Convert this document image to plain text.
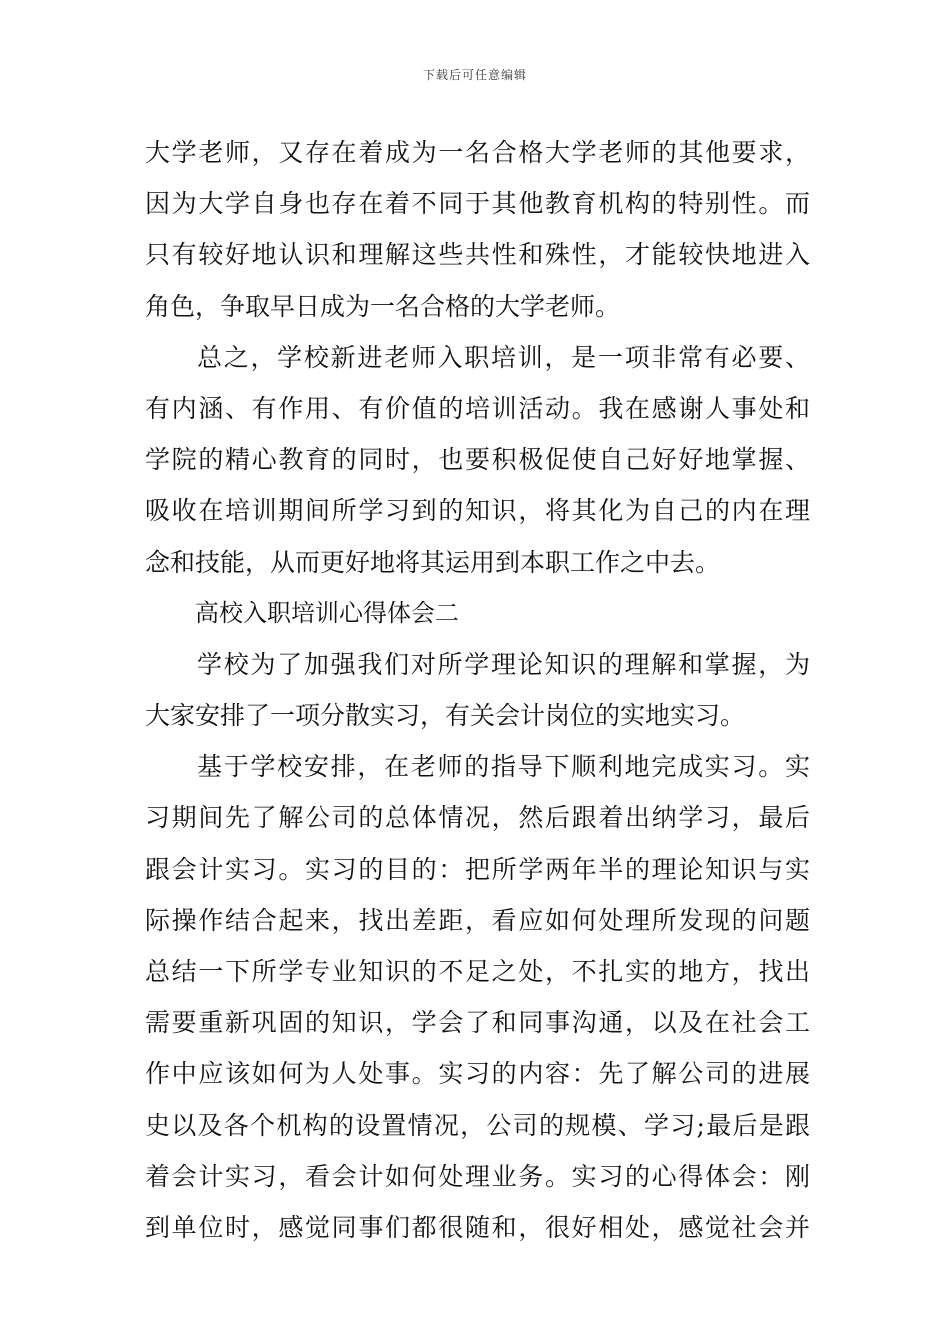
下载后可任意编辑
大学老师，又存在着成为一名合格大学老师的其他要求，
因为大学自身也存在着不同于其他教育机构的特别性。而
只有较好地认识和理解这些共性和殊性，才能较快地进入
角色，争取早日成为一名合格的大学老师。
总之，学校新进老师入职培训，是一项非常有必要、
有内涵、有作用、有价值的培训活动。我在感谢人事处和
学院的精心教育的同时，也要积极促使自己好好地掌握、
吸收在培训期间所学习到的知识，将其化为自己的内在理
念和技能，从而更好地将其运用到本职工作之中去。
高校入职培训心得体会二
学校为了加强我们对所学理论知识的理解和掌握，为
大家安排了一项分散实习，有关会计岗位的实地实习。
基于学校安排，在老师的指导下顺利地完成实习。实
习期间先了解公司的总体情况，然后跟着出纳学习，最后
跟会计实习。实习的目的：把所学两年半的理论知识与实
际操作结合起来，找出差距，看应如何处理所发现的问题
总结一下所学专业知识的不足之处，不扎实的地方，找出
需要重新巩固的知识，学会了和同事沟通，以及在社会工
作中应该如何为人处事。实习的内容：先了解公司的进展
史以及各个机构的设置情况，公司的规模、学习;最后是跟
着会计实习，看会计如何处理业务。实习的心得体会：刚
到单位时，感觉同事们都很随和，很好相处，感觉社会并
